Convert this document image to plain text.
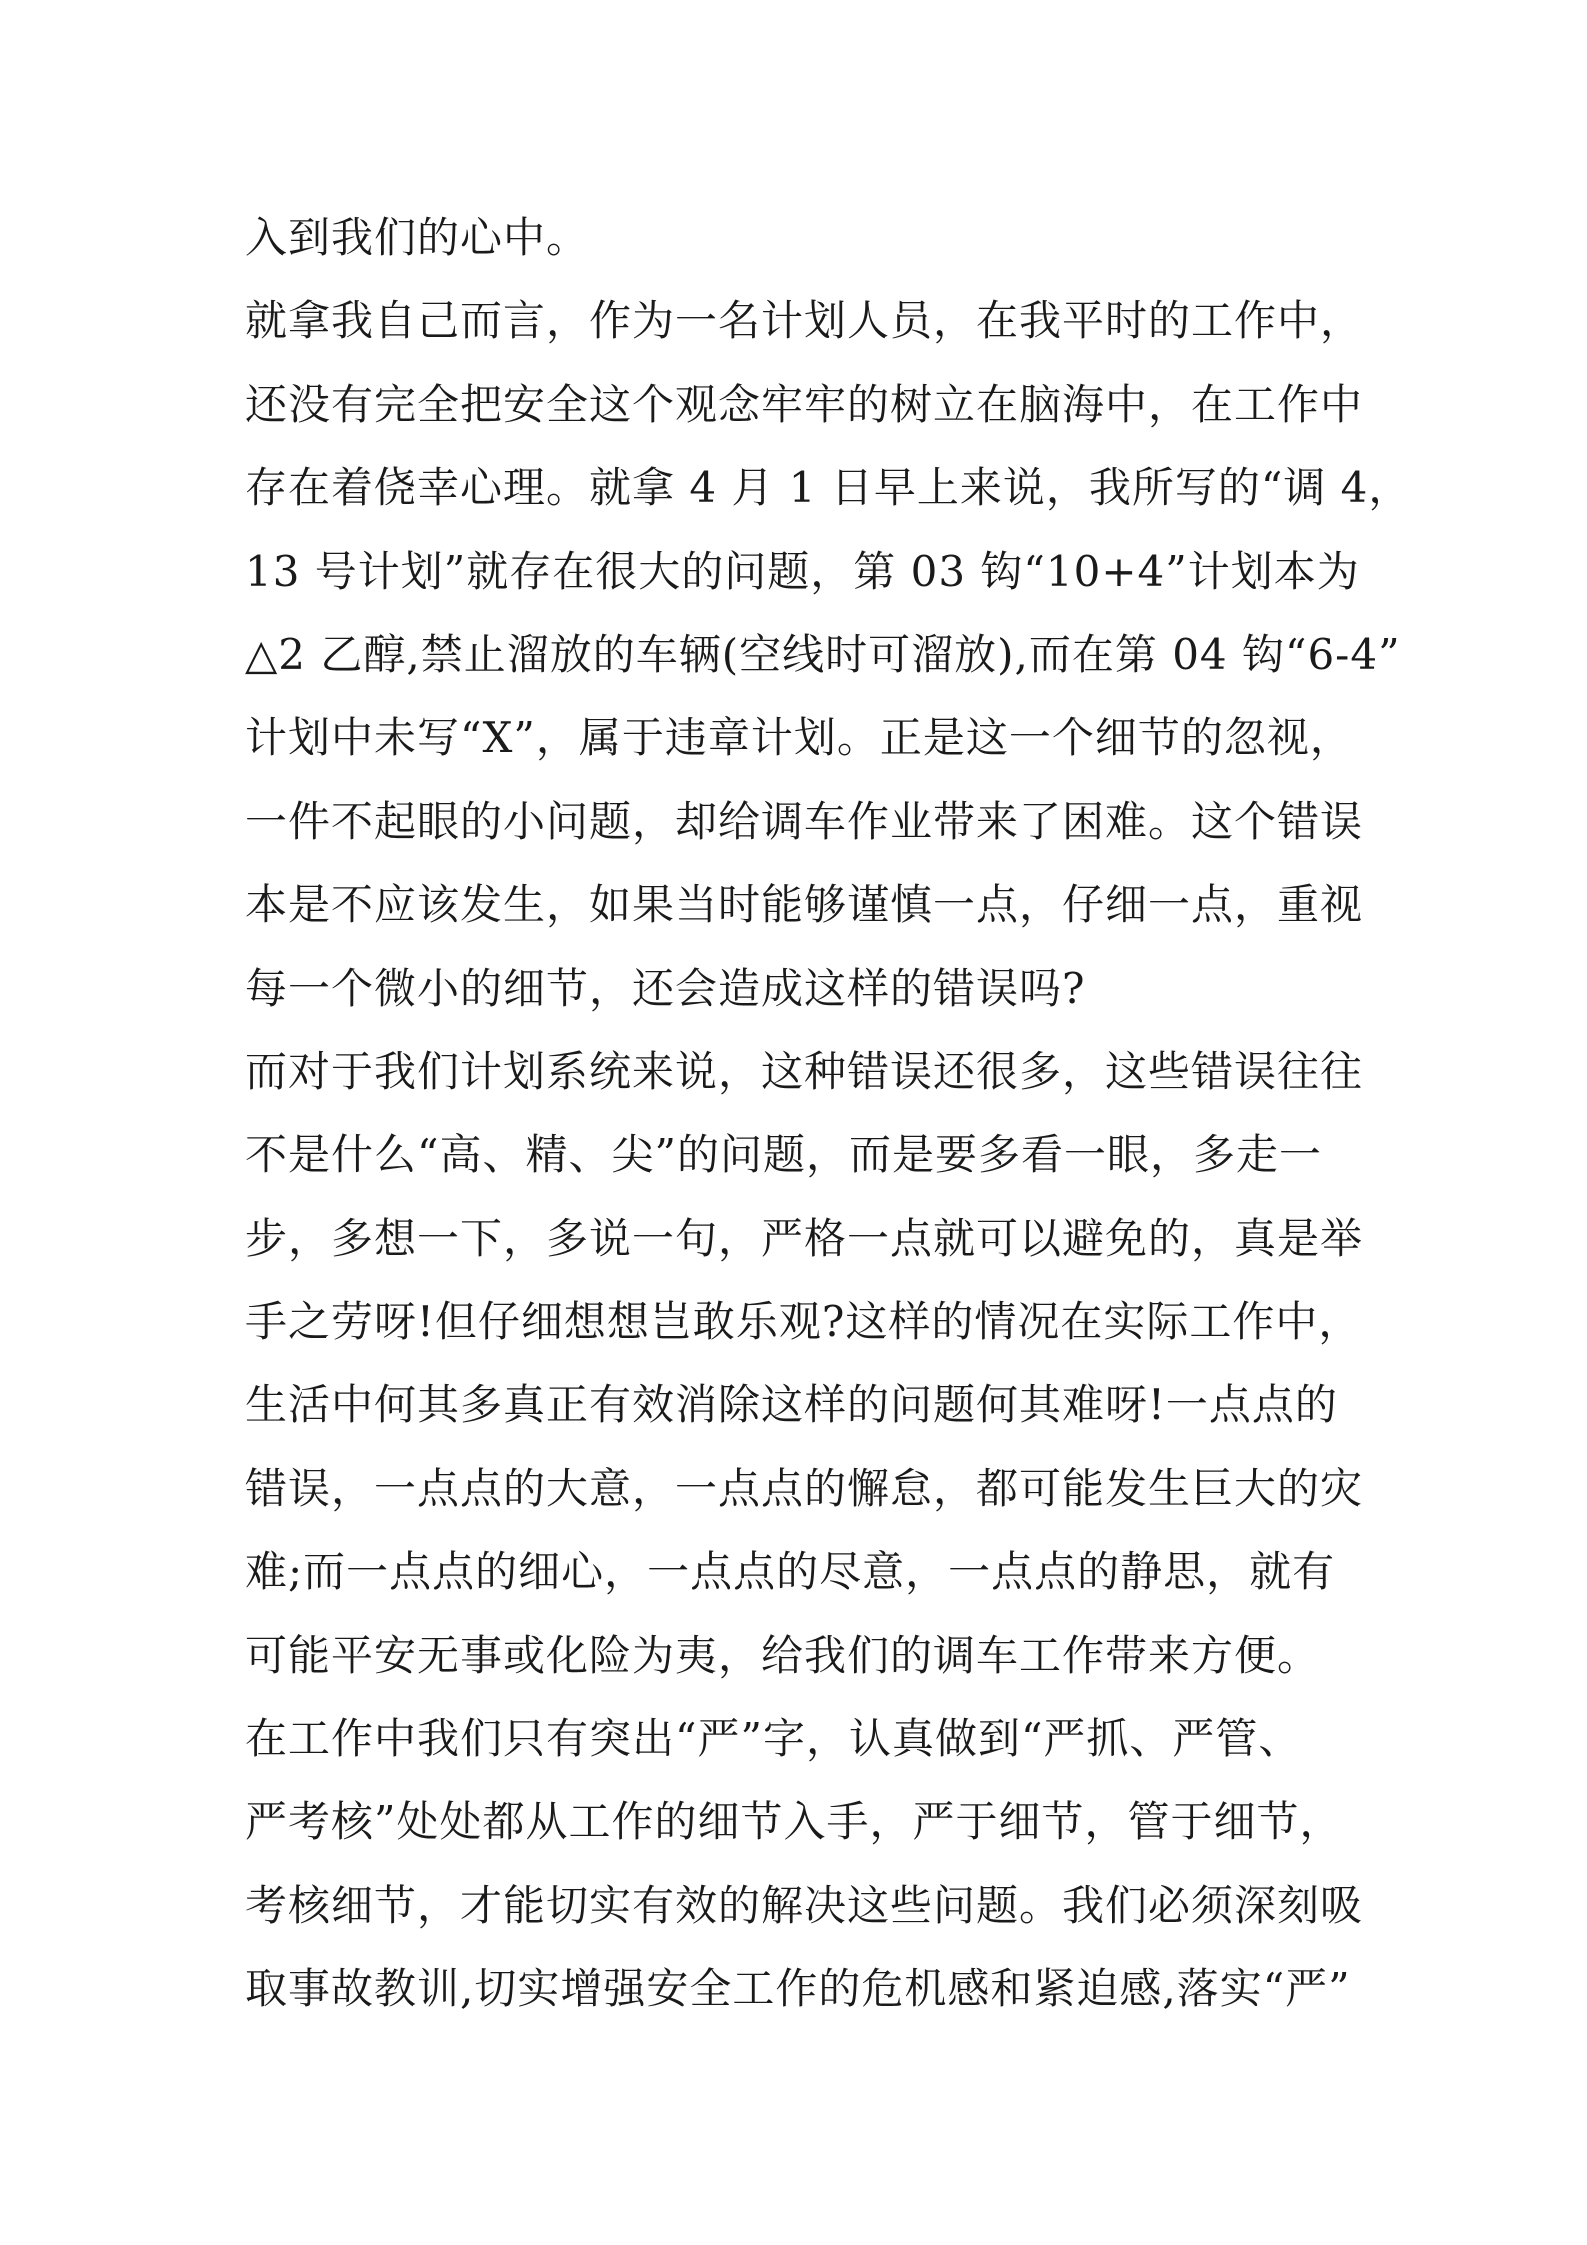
入到我们的心中。
就拿我自己而言，作为一名计划人员，在我平时的工作中，
还没有完全把安全这个观念牢牢的树立在脑海中，在工作中
存在着侥幸心理。就拿 4 月 1 日早上来说，我所写的“调 4，
13 号计划”就存在很大的问题，第 03 钩“10+4”计划本为
△2 乙醇,禁止溜放的车辆(空线时可溜放),而在第 04 钩“6-4”
计划中未写“X”，属于违章计划。正是这一个细节的忽视，
一件不起眼的小问题，却给调车作业带来了困难。这个错误
本是不应该发生，如果当时能够谨慎一点，仔细一点，重视
每一个微小的细节，还会造成这样的错误吗?
而对于我们计划系统来说，这种错误还很多，这些错误往往
不是什么“高、精、尖”的问题，而是要多看一眼，多走一
步，多想一下，多说一句，严格一点就可以避免的，真是举
手之劳呀!但仔细想想岂敢乐观?这样的情况在实际工作中，
生活中何其多真正有效消除这样的问题何其难呀!一点点的
错误，一点点的大意，一点点的懈怠，都可能发生巨大的灾
难;而一点点的细心，一点点的尽意，一点点的静思，就有
可能平安无事或化险为夷，给我们的调车工作带来方便。
在工作中我们只有突出“严”字，认真做到“严抓、严管、
严考核”处处都从工作的细节入手，严于细节，管于细节，
考核细节，才能切实有效的解决这些问题。我们必须深刻吸
取事故教训,切实增强安全工作的危机感和紧迫感,落实“严”
